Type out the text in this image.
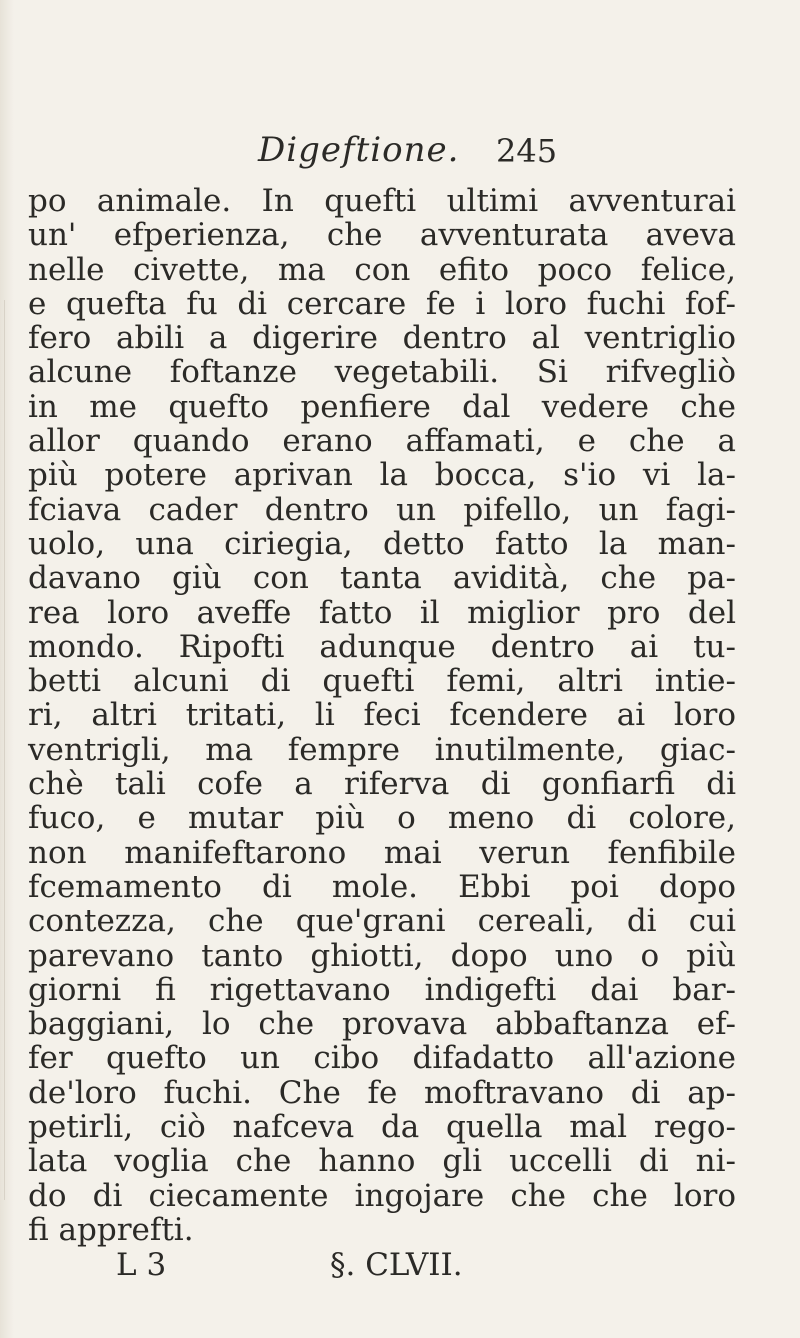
Digeftione. 245
po animale. In quefti ultimi avventurai
un' efperienza, che avventurata aveva
nelle civette, ma con efito poco felice,
e quefta fu di cercare fe i loro fuchi fof-
fero abili a digerire dentro al ventriglio
alcune foftanze vegetabili. Si rifvegliò
in me quefto penfiere dal vedere che
allor quando erano affamati, e che a
più potere aprivan la bocca, s'io vi la-
fciava cader dentro un pifello, un fagi-
uolo, una ciriegia, detto fatto la man-
davano giù con tanta avidità, che pa-
rea loro aveffe fatto il miglior pro del
mondo. Ripofti adunque dentro ai tu-
betti alcuni di quefti femi, altri intie-
ri, altri tritati, li feci fcendere ai loro
ventrigli, ma fempre inutilmente, giac-
chè tali cofe a riferva di gonfiarfi di
fuco, e mutar più o meno di colore,
non manifeftarono mai verun fenfibile
fcemamento di mole. Ebbi poi dopo
contezza, che que'grani cereali, di cui
parevano tanto ghiotti, dopo uno o più
giorni fi rigettavano indigefti dai bar-
baggiani, lo che provava abbaftanza ef-
fer quefto un cibo difadatto all'azione
de'loro fuchi. Che fe moftravano di ap-
petirli, ciò nafceva da quella mal rego-
lata voglia che hanno gli uccelli di ni-
do di ciecamente ingojare che che loro
fi apprefti.
L 3	§. CLVII.
